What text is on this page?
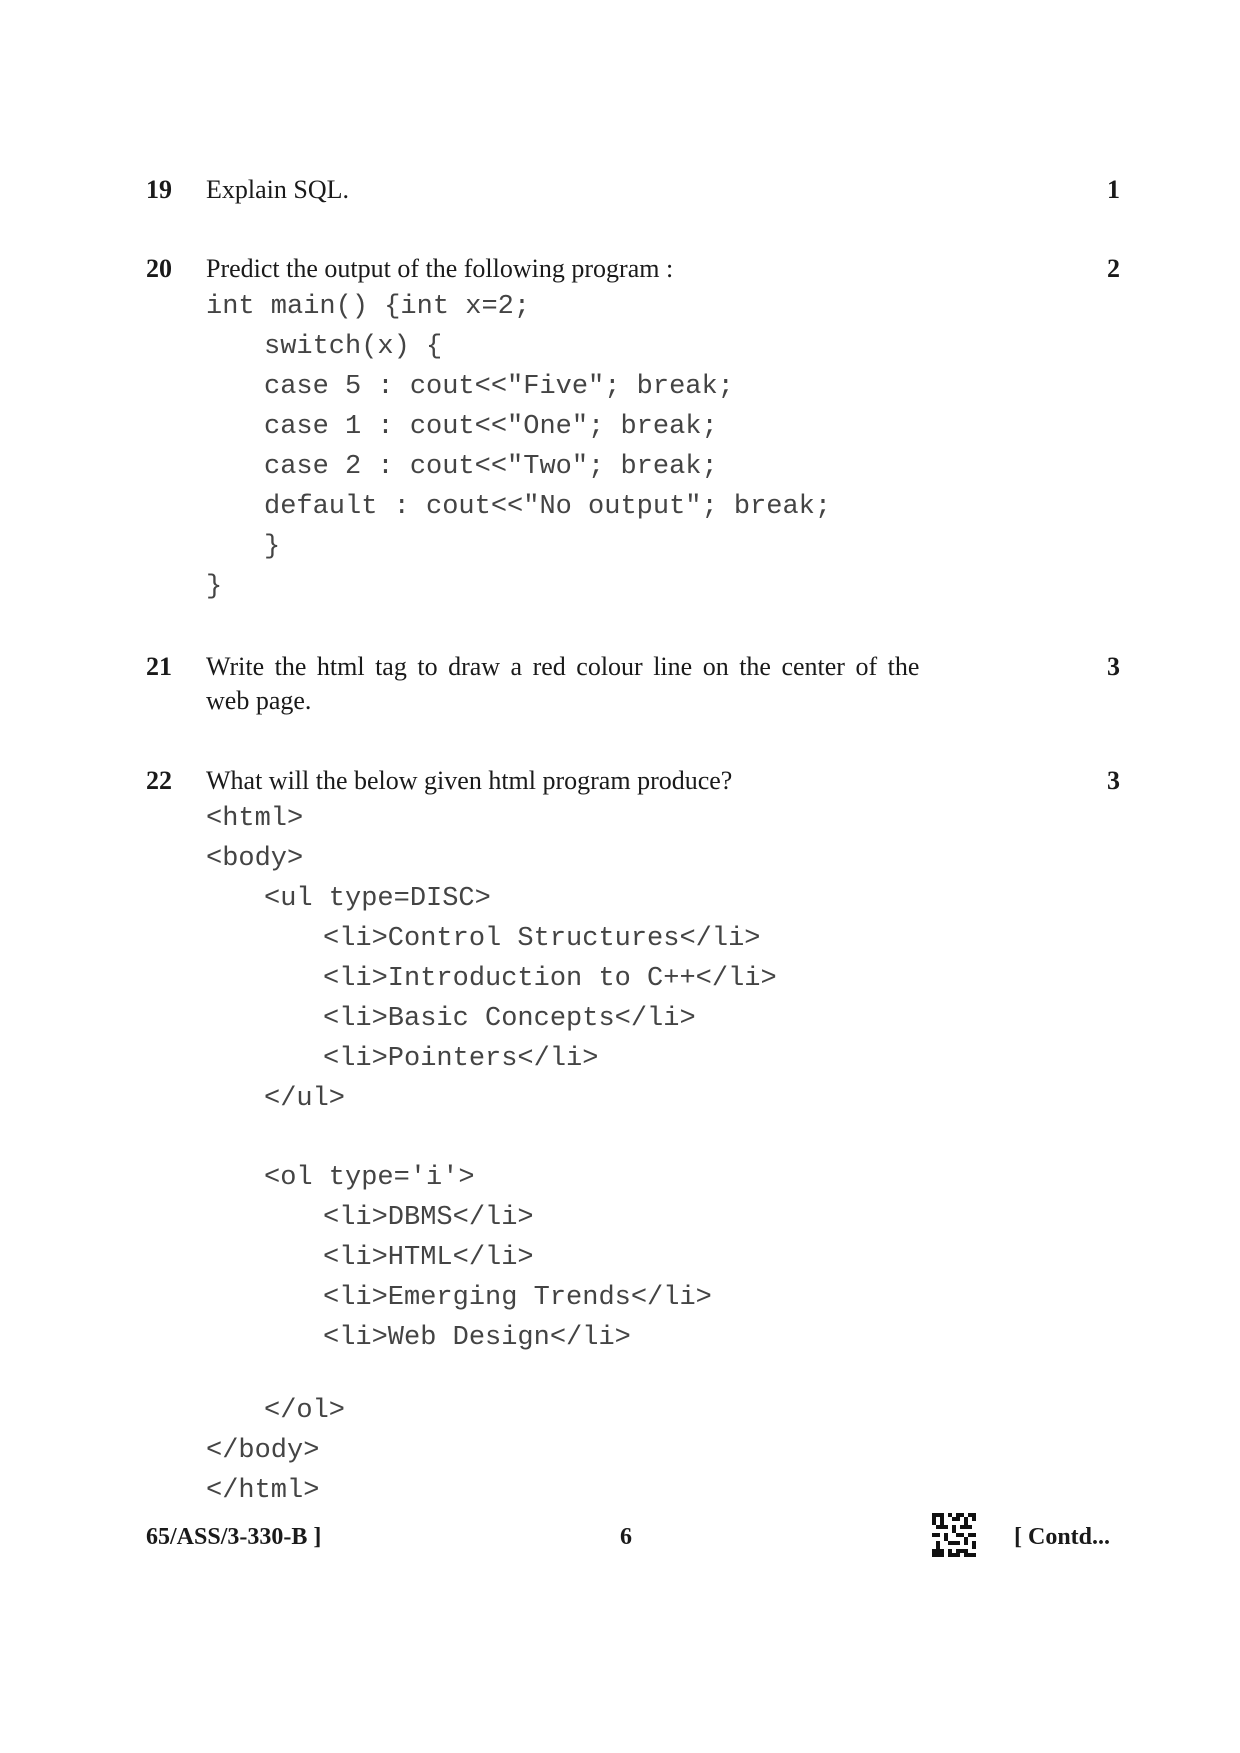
19 Explain SQL.	1
20 Predict the output of the following program :	2
int main() {int x=2;
switch(x) {
case 5 : cout<<"Five"; break;
case 1 : cout<<"One"; break;
case 2 : cout<<"Two"; break;
default : cout<<"No output"; break;
}
}
21 Write the html tag to draw a red colour line on the center of the
web page.
3
22 What will the below given html program produce?	3
<html>
<body>
<ul type=DISC>
<li>Control Structures</li>
<li>Introduction to C++</li>
<li>Basic Concepts</li>
<li>Pointers</li>
</ul>
<ol type='i'>
<li>DBMS</li>
<li>HTML</li>
<li>Emerging Trends</li>
<li>Web Design</li>
</ol>
</body>
</html>
65/ASS/3-330-B ]	6	[ Contd...
